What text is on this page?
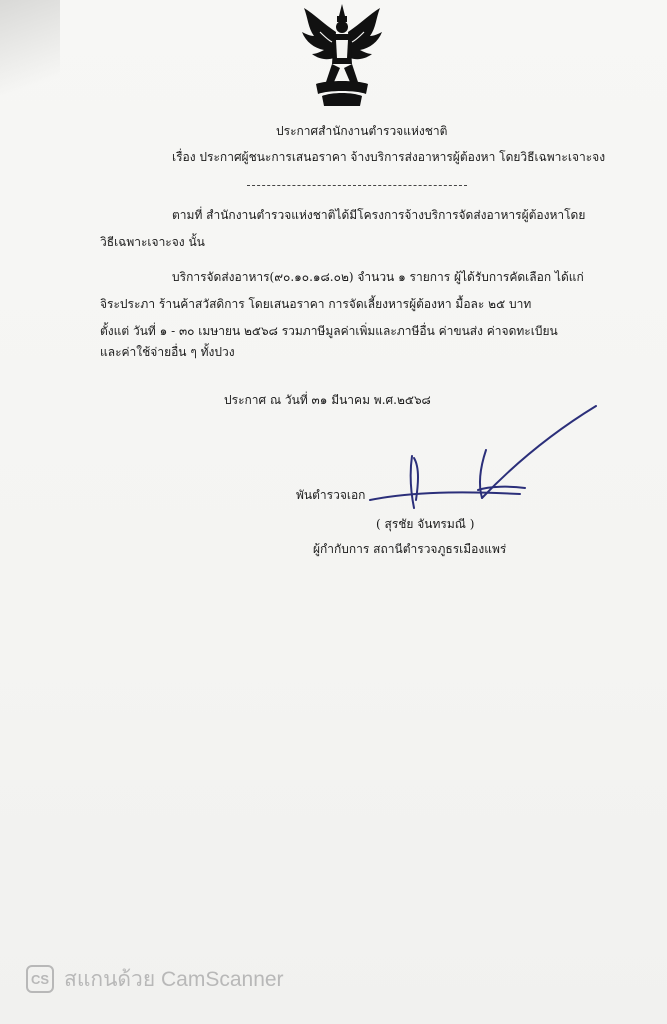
ประกาศสำนักงานตำรวจแห่งชาติ
เรื่อง ประกาศผู้ชนะการเสนอราคา จ้างบริการส่งอาหารผู้ต้องหา โดยวิธีเฉพาะเจาะจง
ตามที่ สำนักงานตำรวจแห่งชาติได้มีโครงการจ้างบริการจัดส่งอาหารผู้ต้องหาโดย
วิธีเฉพาะเจาะจง นั้น
บริการจัดส่งอาหาร(๙๐.๑๐.๑๘.๐๒) จำนวน ๑ รายการ ผู้ได้รับการคัดเลือก ได้แก่
จิระประภา ร้านค้าสวัสดิการ โดยเสนอราคา การจัดเลี้ยงหารผู้ต้องหา มื้อละ ๒๕ บาท
ตั้งแต่ วันที่ ๑ - ๓๐ เมษายน ๒๕๖๘ รวมภาษีมูลค่าเพิ่มและภาษีอื่น ค่าขนส่ง ค่าจดทะเบียน
และค่าใช้จ่ายอื่น ๆ ทั้งปวง
ประกาศ ณ วันที่ ๓๑ มีนาคม พ.ศ.๒๕๖๘
พันตำรวจเอก
( สุรชัย จันทรมณี )
ผู้กำกับการ สถานีตำรวจภูธรเมืองแพร่
CS สแกนด้วย CamScanner
